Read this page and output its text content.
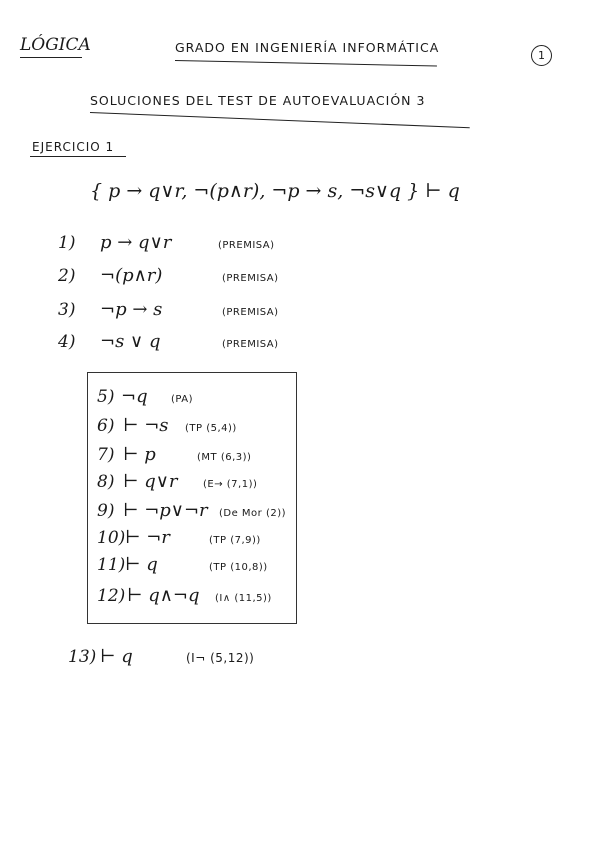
LÓGICA	GRADO EN INGENIERÍA INFORMÁTICA
1
SOLUCIONES DEL TEST DE AUTOEVALUACIÓN 3
EJERCICIO 1
{ p → q∨r, ¬(p∧r), ¬p → s, ¬s∨q } ⊢ q
1)	p → q∨r	(PREMISA)
2)	¬(p∧r)	(PREMISA)
3)	¬p → s	(PREMISA)
4)	¬s ∨ q	(PREMISA)
5) ¬q	(PA)
6) ⊢ ¬s	(TP (5,4))
7) ⊢ p	(MT (6,3))
8) ⊢ q∨r	(E→ (7,1))
9) ⊢ ¬p∨¬r	(De Mor (2))
10) ⊢ ¬r	(TP (7,9))
11) ⊢ q	(TP (10,8))
12) ⊢ q∧¬q	(I∧ (11,5))
13) ⊢ q	(I¬ (5,12))
